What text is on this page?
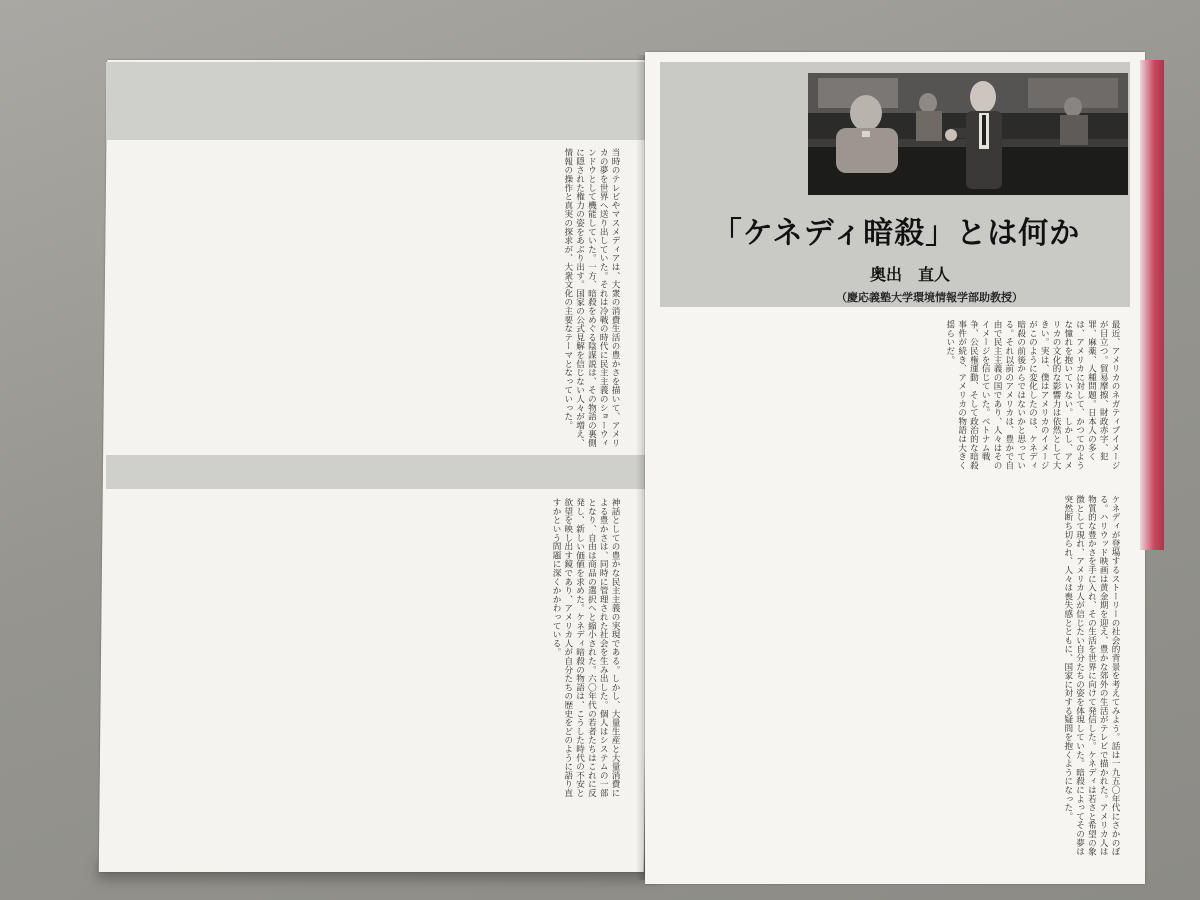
当時のテレビやマスメディアは、大衆の消費生活の豊かさを描いて、アメリカの夢を世界へ送り出していた。それは冷戦の時代に民主主義のショーウィンドウとして機能していた。一方、暗殺をめぐる陰謀説は、その物語の裏側に隠された権力の姿をあぶり出す。国家の公式見解を信じない人々が増え、情報の操作と真実の探求が、大衆文化の主要なテーマとなっていった。
神話としての豊かな民主主義の実現である。しかし、大量生産と大量消費による豊かさは、同時に管理された社会を生み出した。個人はシステムの一部となり、自由は商品の選択へと縮小された。六〇年代の若者たちはこれに反発し、新しい価値を求めた。ケネディ暗殺の物語は、こうした時代の不安と欲望を映し出す鏡であり、アメリカ人が自分たちの歴史をどのように語り直すかという問題に深くかかわっている。
「ケネディ暗殺」とは何か
奥出　直人
（慶応義塾大学環境情報学部助教授）
最近、アメリカのネガティブイメージが目立つ。貿易摩擦、財政赤字、犯罪、麻薬、人種問題。日本人の多くは、アメリカに対して、かつてのような憧れを抱いていない。しかし、アメリカの文化的な影響力は依然として大きい。実は、僕はアメリカのイメージがこのように変化したのは、ケネディ暗殺の前後からではないかと思っている。それ以前のアメリカは、豊かで自由で民主主義の国であり、人々はそのイメージを信じていた。ベトナム戦争、公民権運動、そして政治的な暗殺事件が続き、アメリカの物語は大きく揺らいだ。
ケネディが登場するストーリーの社会的背景を考えてみよう。話は一九五〇年代にさかのぼる。ハリウッド映画は黄金期を迎え、豊かな郊外の生活がテレビで描かれた。アメリカ人は物質的な豊かさを手に入れ、その生活を世界に向けて発信した。ケネディは若さと希望の象徴として現れ、アメリカ人が信じたい自分たちの姿を体現していた。暗殺によってその夢は突然断ち切られ、人々は喪失感とともに、国家に対する疑問を抱くようになった。
